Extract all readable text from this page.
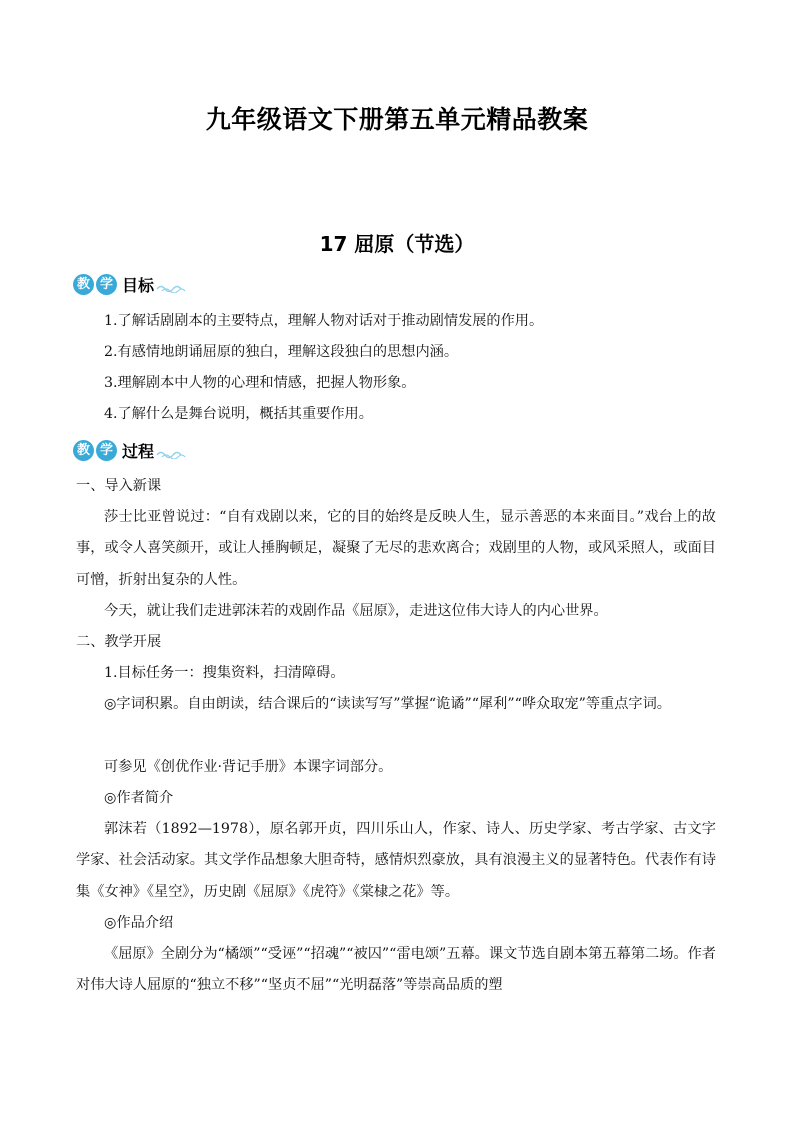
九年级语文下册第五单元精品教案
17 屈原（节选）
教 学 目标
1.了解话剧剧本的主要特点，理解人物对话对于推动剧情发展的作用。
2.有感情地朗诵屈原的独白，理解这段独白的思想内涵。
3.理解剧本中人物的心理和情感，把握人物形象。
4.了解什么是舞台说明，概括其重要作用。
教 学 过程
一、导入新课
莎士比亚曾说过：“自有戏剧以来，它的目的始终是反映人生，显示善恶的本来面目。”戏台上的故事，或令人喜笑颜开，或让人捶胸顿足，凝聚了无尽的悲欢离合；戏剧里的人物，或风采照人，或面目可憎，折射出复杂的人性。
今天，就让我们走进郭沫若的戏剧作品《屈原》，走进这位伟大诗人的内心世界。
二、教学开展
1.目标任务一：搜集资料，扫清障碍。
◎字词积累。自由朗读，结合课后的“读读写写”掌握“诡谲”“犀利”“哗众取宠”等重点字词。
可参见《创优作业·背记手册》本课字词部分。
◎作者简介
郭沫若（1892—1978），原名郭开贞，四川乐山人，作家、诗人、历史学家、考古学家、古文字学家、社会活动家。其文学作品想象大胆奇特，感情炽烈豪放，具有浪漫主义的显著特色。代表作有诗集《女神》《星空》，历史剧《屈原》《虎符》《棠棣之花》等。
◎作品介绍
《屈原》全剧分为“橘颂”“受诬”“招魂”“被囚”“雷电颂”五幕。课文节选自剧本第五幕第二场。作者对伟大诗人屈原的“独立不移”“坚贞不屈”“光明磊落”等崇高品质的塑
